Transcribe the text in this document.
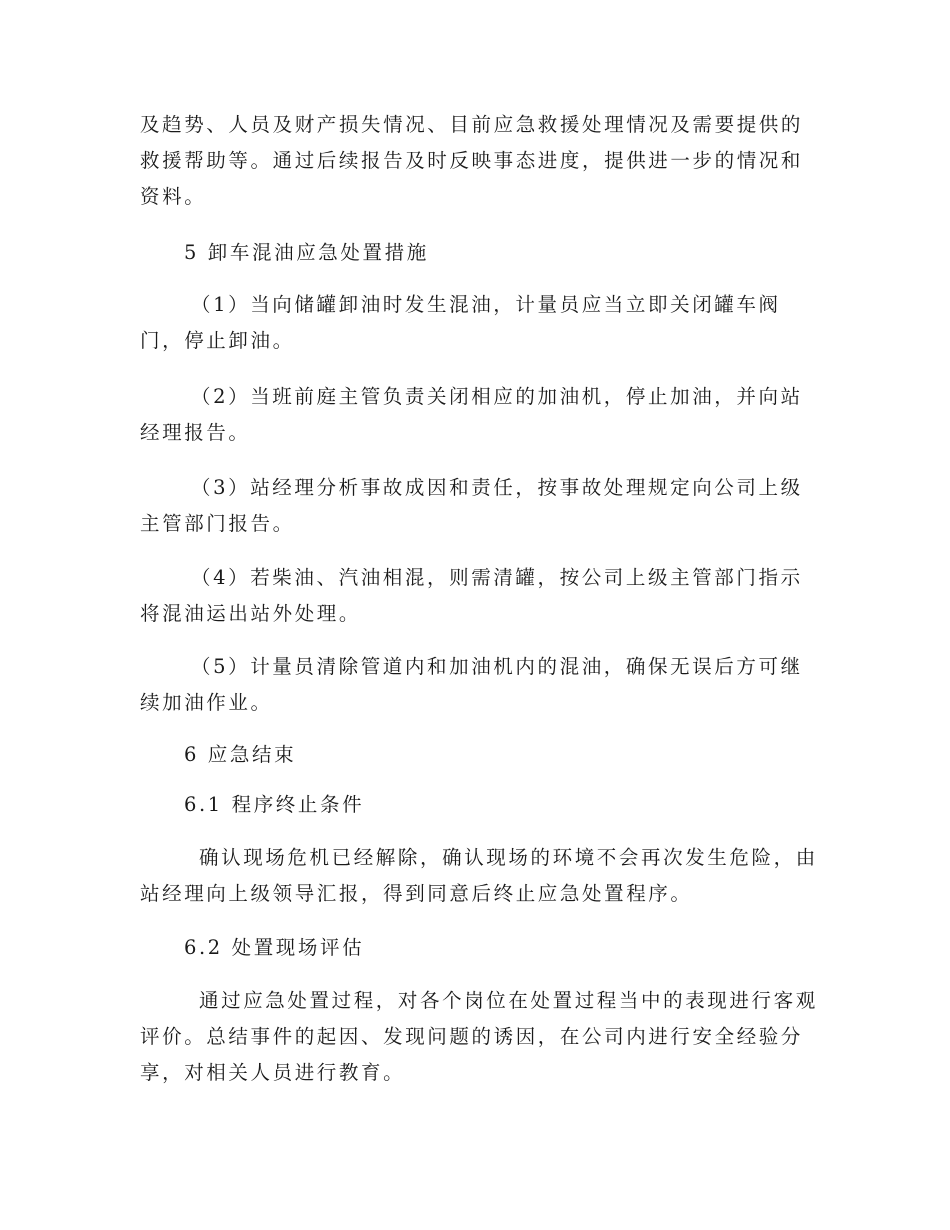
及趋势、人员及财产损失情况、目前应急救援处理情况及需要提供的
救援帮助等。通过后续报告及时反映事态进度，提供进一步的情况和
资料。

5 卸车混油应急处置措施

（1）当向储罐卸油时发生混油，计量员应当立即关闭罐车阀
门，停止卸油。

（2）当班前庭主管负责关闭相应的加油机，停止加油，并向站
经理报告。

（3）站经理分析事故成因和责任，按事故处理规定向公司上级
主管部门报告。

（4）若柴油、汽油相混，则需清罐，按公司上级主管部门指示
将混油运出站外处理。

（5）计量员清除管道内和加油机内的混油，确保无误后方可继
续加油作业。

6 应急结束

6.1 程序终止条件

确认现场危机已经解除，确认现场的环境不会再次发生危险，由
站经理向上级领导汇报，得到同意后终止应急处置程序。

6.2 处置现场评估

通过应急处置过程，对各个岗位在处置过程当中的表现进行客观
评价。总结事件的起因、发现问题的诱因，在公司内进行安全经验分
享，对相关人员进行教育。
